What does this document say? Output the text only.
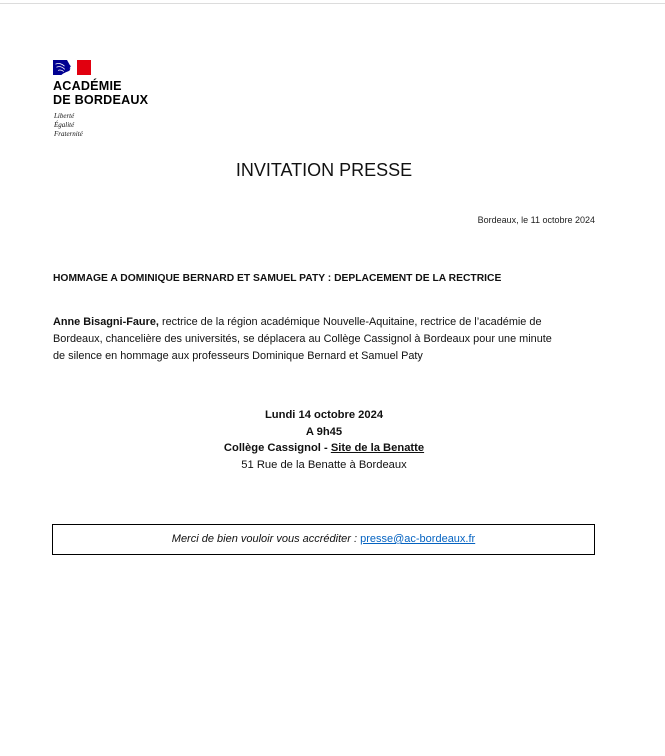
ACADÉMIE
DE BORDEAUX
Liberté
Égalité
Fraternité
INVITATION PRESSE
Bordeaux, le 11 octobre 2024
HOMMAGE A DOMINIQUE BERNARD ET SAMUEL PATY : DEPLACEMENT DE LA RECTRICE
Anne Bisagni-Faure, rectrice de la région académique Nouvelle-Aquitaine, rectrice de l’académie de
Bordeaux, chancelière des universités, se déplacera au Collège Cassignol à Bordeaux pour une minute
de silence en hommage aux professeurs Dominique Bernard et Samuel Paty
Lundi 14 octobre 2024
A 9h45
Collège Cassignol - Site de la Benatte
51 Rue de la Benatte à Bordeaux
Merci de bien vouloir vous accréditer : presse@ac-bordeaux.fr
